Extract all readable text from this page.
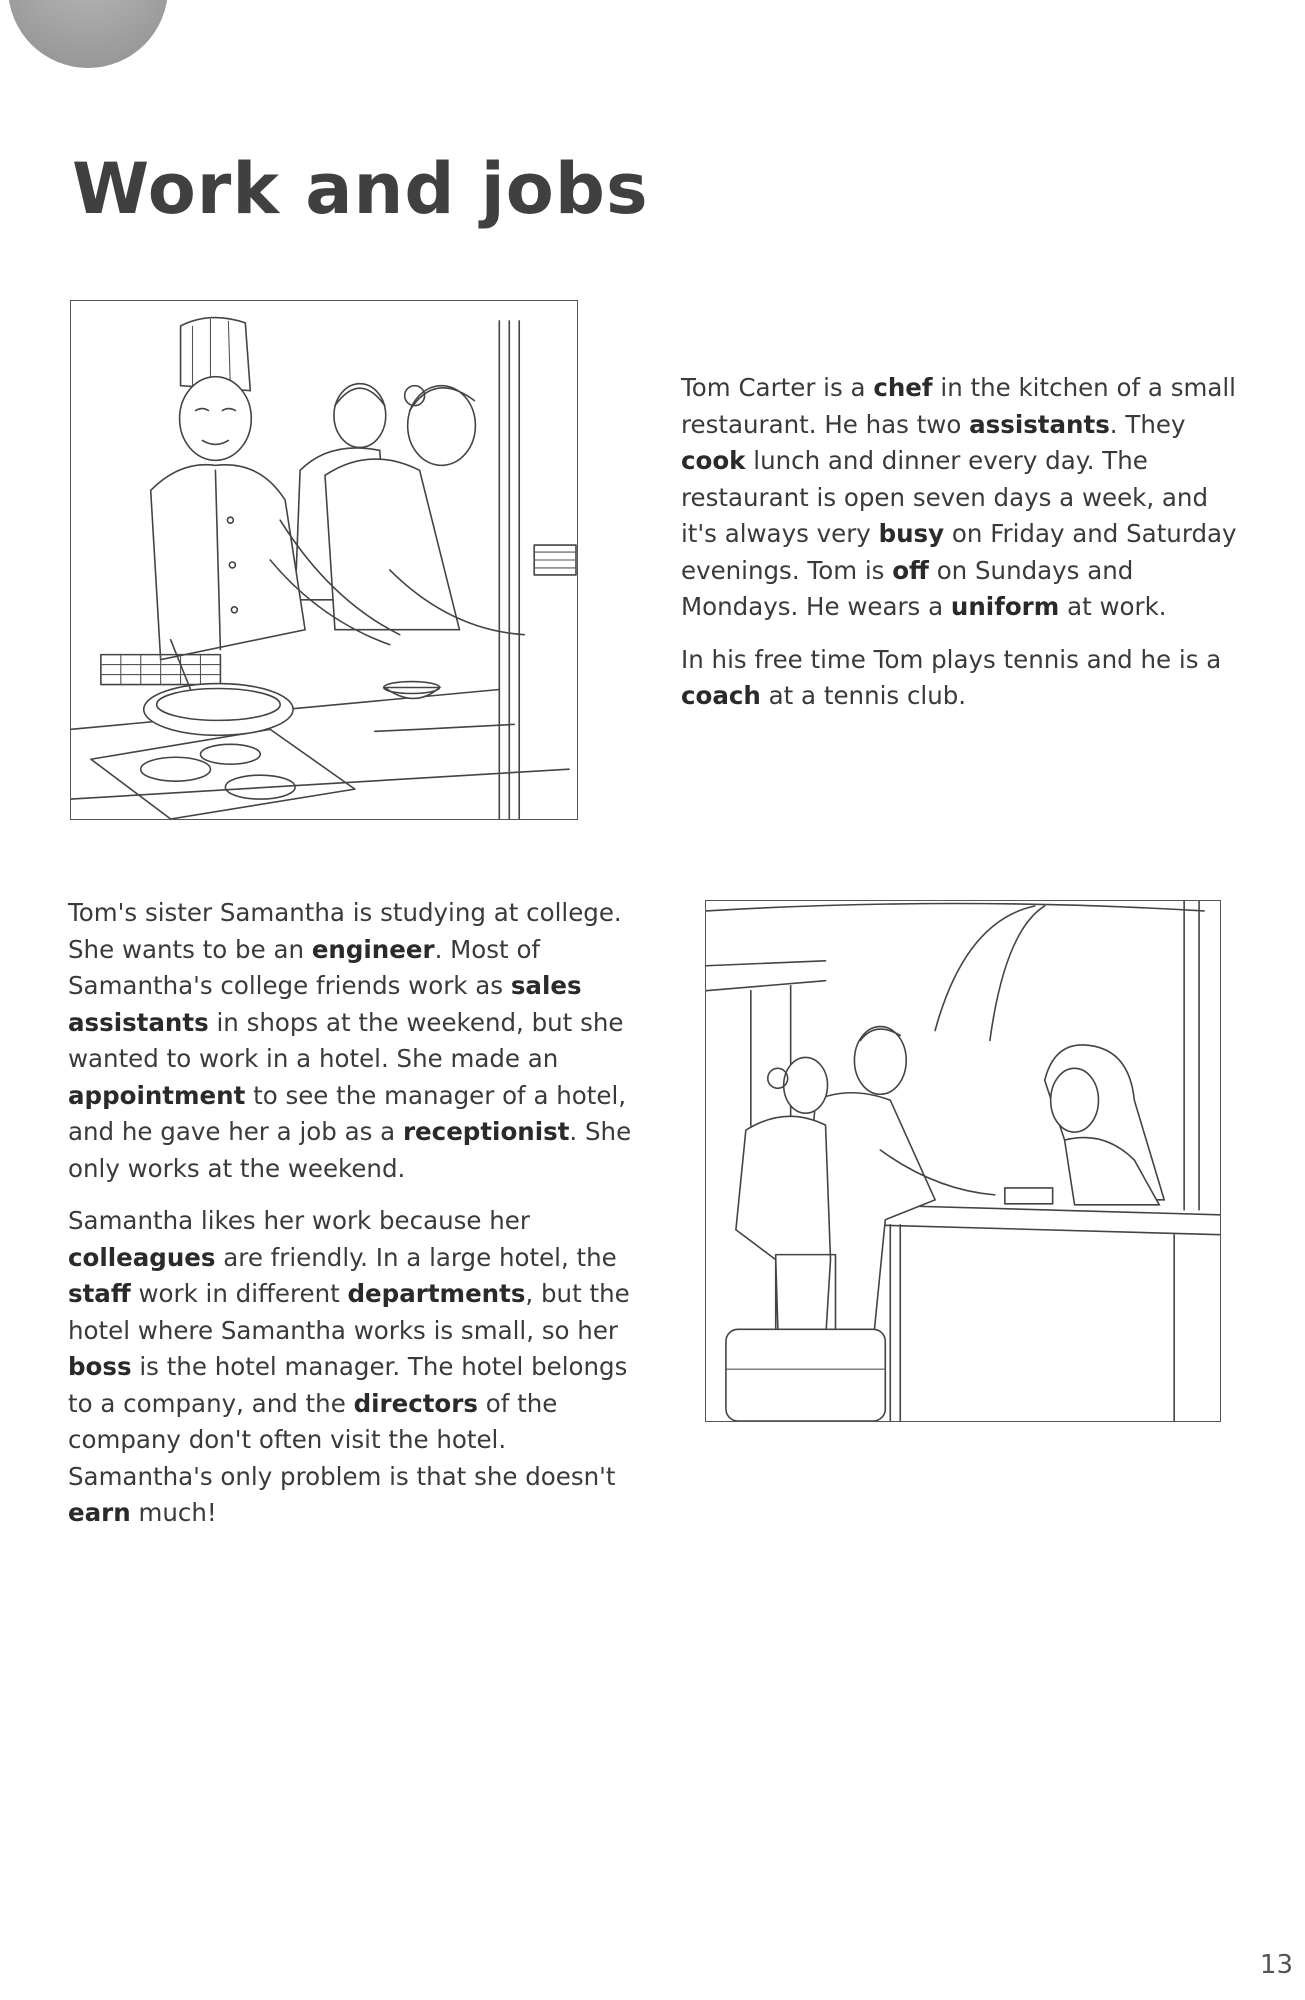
Work and jobs

Tom Carter is a chef in the kitchen of a small restaurant. He has two assistants. They cook lunch and dinner every day. The restaurant is open seven days a week, and it's always very busy on Friday and Saturday evenings. Tom is off on Sundays and Mondays. He wears a uniform at work.

In his free time Tom plays tennis and he is a coach at a tennis club.

Tom's sister Samantha is studying at college. She wants to be an engineer. Most of Samantha's college friends work as sales assistants in shops at the weekend, but she wanted to work in a hotel. She made an appointment to see the manager of a hotel, and he gave her a job as a receptionist. She only works at the weekend.

Samantha likes her work because her colleagues are friendly. In a large hotel, the staff work in different departments, but the hotel where Samantha works is small, so her boss is the hotel manager. The hotel belongs to a company, and the directors of the company don't often visit the hotel. Samantha's only problem is that she doesn't earn much!

13
